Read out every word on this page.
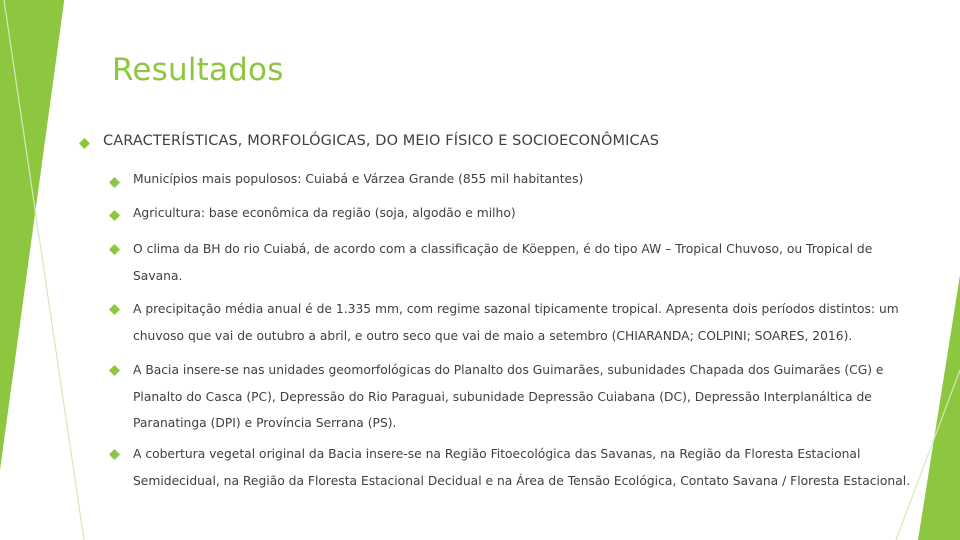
Resultados
CARACTERÍSTICAS, MORFOLÓGICAS, DO MEIO FÍSICO E SOCIOECONÔMICAS
Municípios mais populosos: Cuiabá e Várzea Grande (855 mil habitantes)
Agricultura: base econômica da região (soja, algodão e milho)
O clima da BH do rio Cuiabá, de acordo com a classificação de Köeppen, é do tipo AW – Tropical Chuvoso, ou Tropical de Savana.
A precipitação média anual é de 1.335 mm, com regime sazonal tipicamente tropical. Apresenta dois períodos distintos: um chuvoso que vai de outubro a abril, e outro seco que vai de maio a setembro (CHIARANDA; COLPINI; SOARES, 2016).
A Bacia insere-se nas unidades geomorfológicas do Planalto dos Guimarães, subunidades Chapada dos Guimarães (CG) e Planalto do Casca (PC), Depressão do Rio Paraguai, subunidade Depressão Cuiabana (DC), Depressão Interplanáltica de Paranatinga (DPI) e Província Serrana (PS).
A cobertura vegetal original da Bacia insere-se na Região Fitoecológica das Savanas, na Região da Floresta Estacional Semidecidual, na Região da Floresta Estacional Decidual e na Área de Tensão Ecológica, Contato Savana / Floresta Estacional.
